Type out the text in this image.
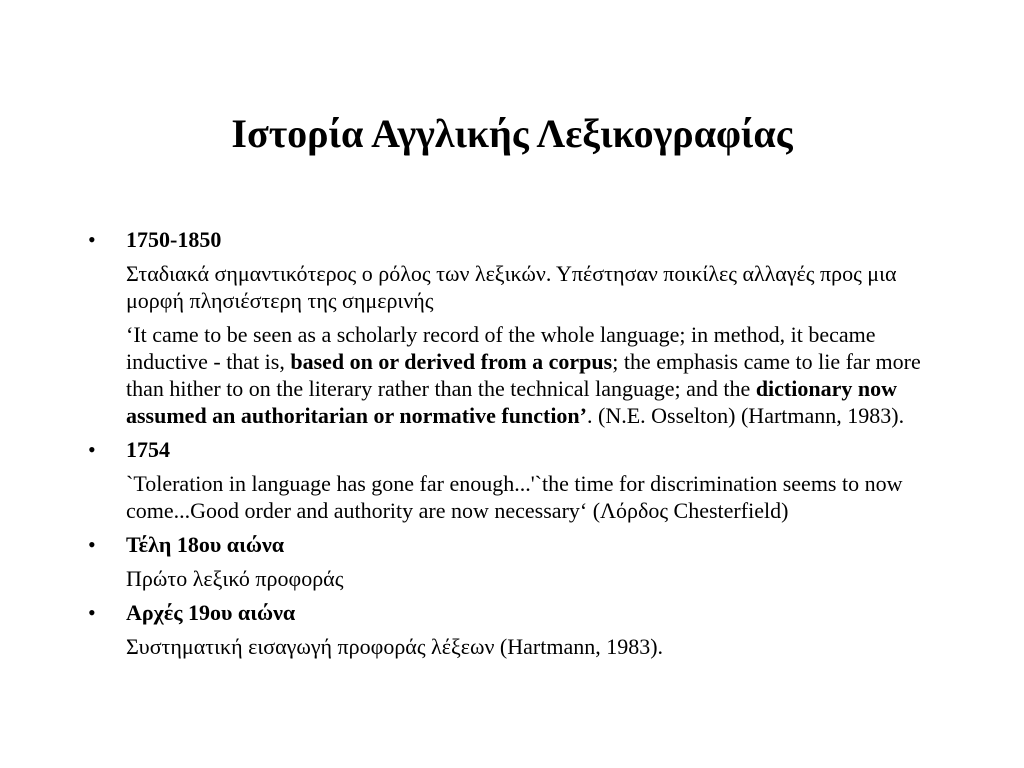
Ιστορία Αγγλικής Λεξικογραφίας
•	1750-1850

Σταδιακά σημαντικότερος ο ρόλος των λεξικών. Υπέστησαν ποικίλες αλλαγές προς μια μορφή πλησιέστερη της σημερινής

‘It came to be seen as a scholarly record of the whole language; in method, it became inductive - that is, based on or derived from a corpus; the emphasis came to lie far more than hither to on the literary rather than the technical language; and the dictionary now assumed an authoritarian or normative function’. (N.E. Osselton) (Hartmann, 1983).

•	1754

`Toleration in language has gone far enough...'`the time for discrimination seems to now come...Good order and authority are now necessary‘ (Λόρδος Chesterfield)

•	Τέλη 18ου αιώνα

Πρώτο λεξικό προφοράς

•	Αρχές 19ου αιώνα

Συστηματική εισαγωγή προφοράς λέξεων (Hartmann, 1983).
